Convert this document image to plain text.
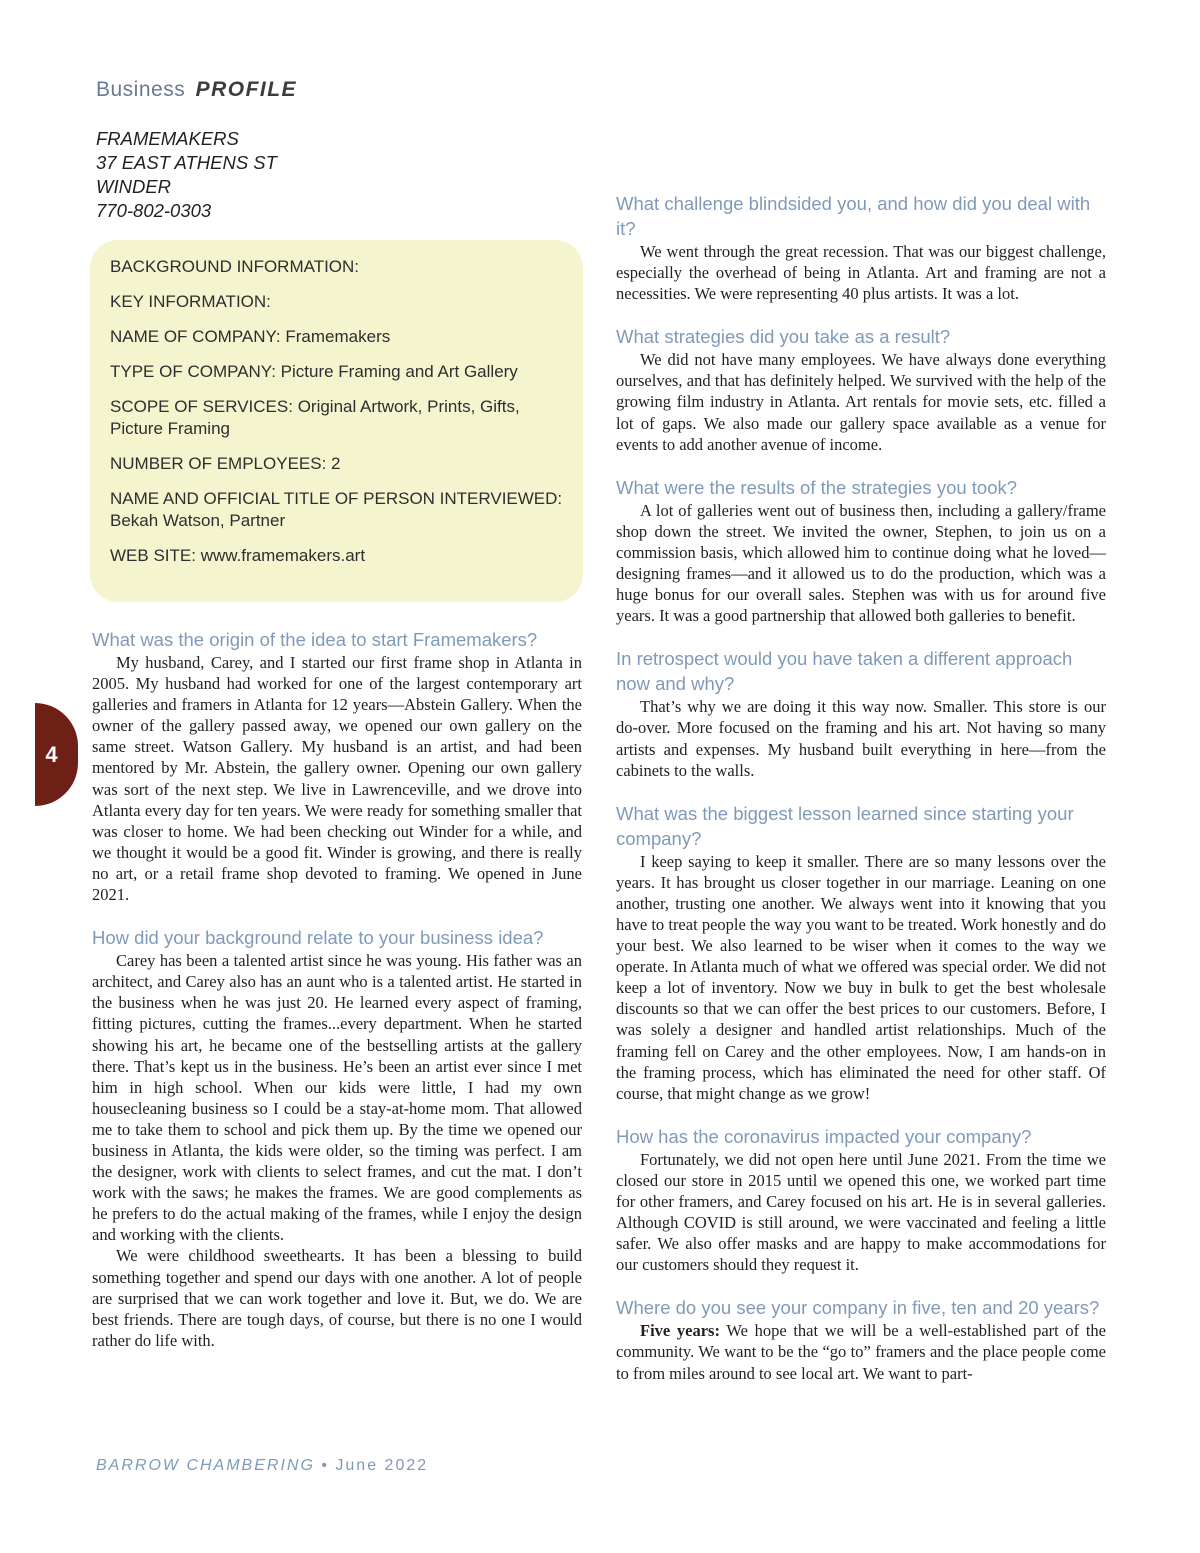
Business PROFILE
FRAMEMAKERS
37 EAST ATHENS ST
WINDER
770-802-0303
BACKGROUND INFORMATION:
KEY INFORMATION:
NAME OF COMPANY: Framemakers
TYPE OF COMPANY: Picture Framing and Art Gallery
SCOPE OF SERVICES: Original Artwork, Prints, Gifts, Picture Framing
NUMBER OF EMPLOYEES: 2
NAME AND OFFICIAL TITLE OF PERSON INTERVIEWED:
Bekah Watson, Partner
WEB SITE: www.framemakers.art
4
What was the origin of the idea to start Framemakers?

My husband, Carey, and I started our first frame shop in Atlanta in 2005. My husband had worked for one of the largest contemporary art galleries and framers in Atlanta for 12 years—Abstein Gallery. When the owner of the gallery passed away, we opened our own gallery on the same street. Watson Gallery. My husband is an artist, and had been mentored by Mr. Abstein, the gallery owner. Opening our own gallery was sort of the next step. We live in Lawrenceville, and we drove into Atlanta every day for ten years. We were ready for something smaller that was closer to home. We had been checking out Winder for a while, and we thought it would be a good fit. Winder is growing, and there is really no art, or a retail frame shop devoted to framing. We opened in June 2021.

How did your background relate to your business idea?

Carey has been a talented artist since he was young. His father was an architect, and Carey also has an aunt who is a talented artist. He started in the business when he was just 20. He learned every aspect of framing, fitting pictures, cutting the frames...every department. When he started showing his art, he became one of the bestselling artists at the gallery there. That’s kept us in the business. He’s been an artist ever since I met him in high school. When our kids were little, I had my own housecleaning business so I could be a stay-at-home mom. That allowed me to take them to school and pick them up. By the time we opened our business in Atlanta, the kids were older, so the timing was perfect. I am the designer, work with clients to select frames, and cut the mat. I don’t work with the saws; he makes the frames. We are good complements as he prefers to do the actual making of the frames, while I enjoy the design and working with the clients.

We were childhood sweethearts. It has been a blessing to build something together and spend our days with one another. A lot of people are surprised that we can work together and love it. But, we do. We are best friends. There are tough days, of course, but there is no one I would rather do life with.

What challenge blindsided you, and how did you deal with it?

We went through the great recession. That was our biggest challenge, especially the overhead of being in Atlanta. Art and framing are not a necessities. We were representing 40 plus artists. It was a lot.

What strategies did you take as a result?

We did not have many employees. We have always done everything ourselves, and that has definitely helped. We survived with the help of the growing film industry in Atlanta. Art rentals for movie sets, etc. filled a lot of gaps. We also made our gallery space available as a venue for events to add another avenue of income.

What were the results of the strategies you took?

A lot of galleries went out of business then, including a gallery/frame shop down the street. We invited the owner, Stephen, to join us on a commission basis, which allowed him to continue doing what he loved—designing frames—and it allowed us to do the production, which was a huge bonus for our overall sales. Stephen was with us for around five years. It was a good partnership that allowed both galleries to benefit.

In retrospect would you have taken a different approach now and why?

That’s why we are doing it this way now. Smaller. This store is our do-over. More focused on the framing and his art. Not having so many artists and expenses. My husband built everything in here—from the cabinets to the walls.

What was the biggest lesson learned since starting your company?

I keep saying to keep it smaller. There are so many lessons over the years. It has brought us closer together in our marriage. Leaning on one another, trusting one another. We always went into it knowing that you have to treat people the way you want to be treated. Work honestly and do your best. We also learned to be wiser when it comes to the way we operate. In Atlanta much of what we offered was special order. We did not keep a lot of inventory. Now we buy in bulk to get the best wholesale discounts so that we can offer the best prices to our customers. Before, I was solely a designer and handled artist relationships. Much of the framing fell on Carey and the other employees. Now, I am hands-on in the framing process, which has eliminated the need for other staff. Of course, that might change as we grow!

How has the coronavirus impacted your company?

Fortunately, we did not open here until June 2021. From the time we closed our store in 2015 until we opened this one, we worked part time for other framers, and Carey focused on his art. He is in several galleries. Although COVID is still around, we were vaccinated and feeling a little safer. We also offer masks and are happy to make accommodations for our customers should they request it.

Where do you see your company in five, ten and 20 years?

Five years: We hope that we will be a well-established part of the community. We want to be the “go to” framers and the place people come to from miles around to see local art. We want to part-

BARROW CHAMBERING • June 2022
